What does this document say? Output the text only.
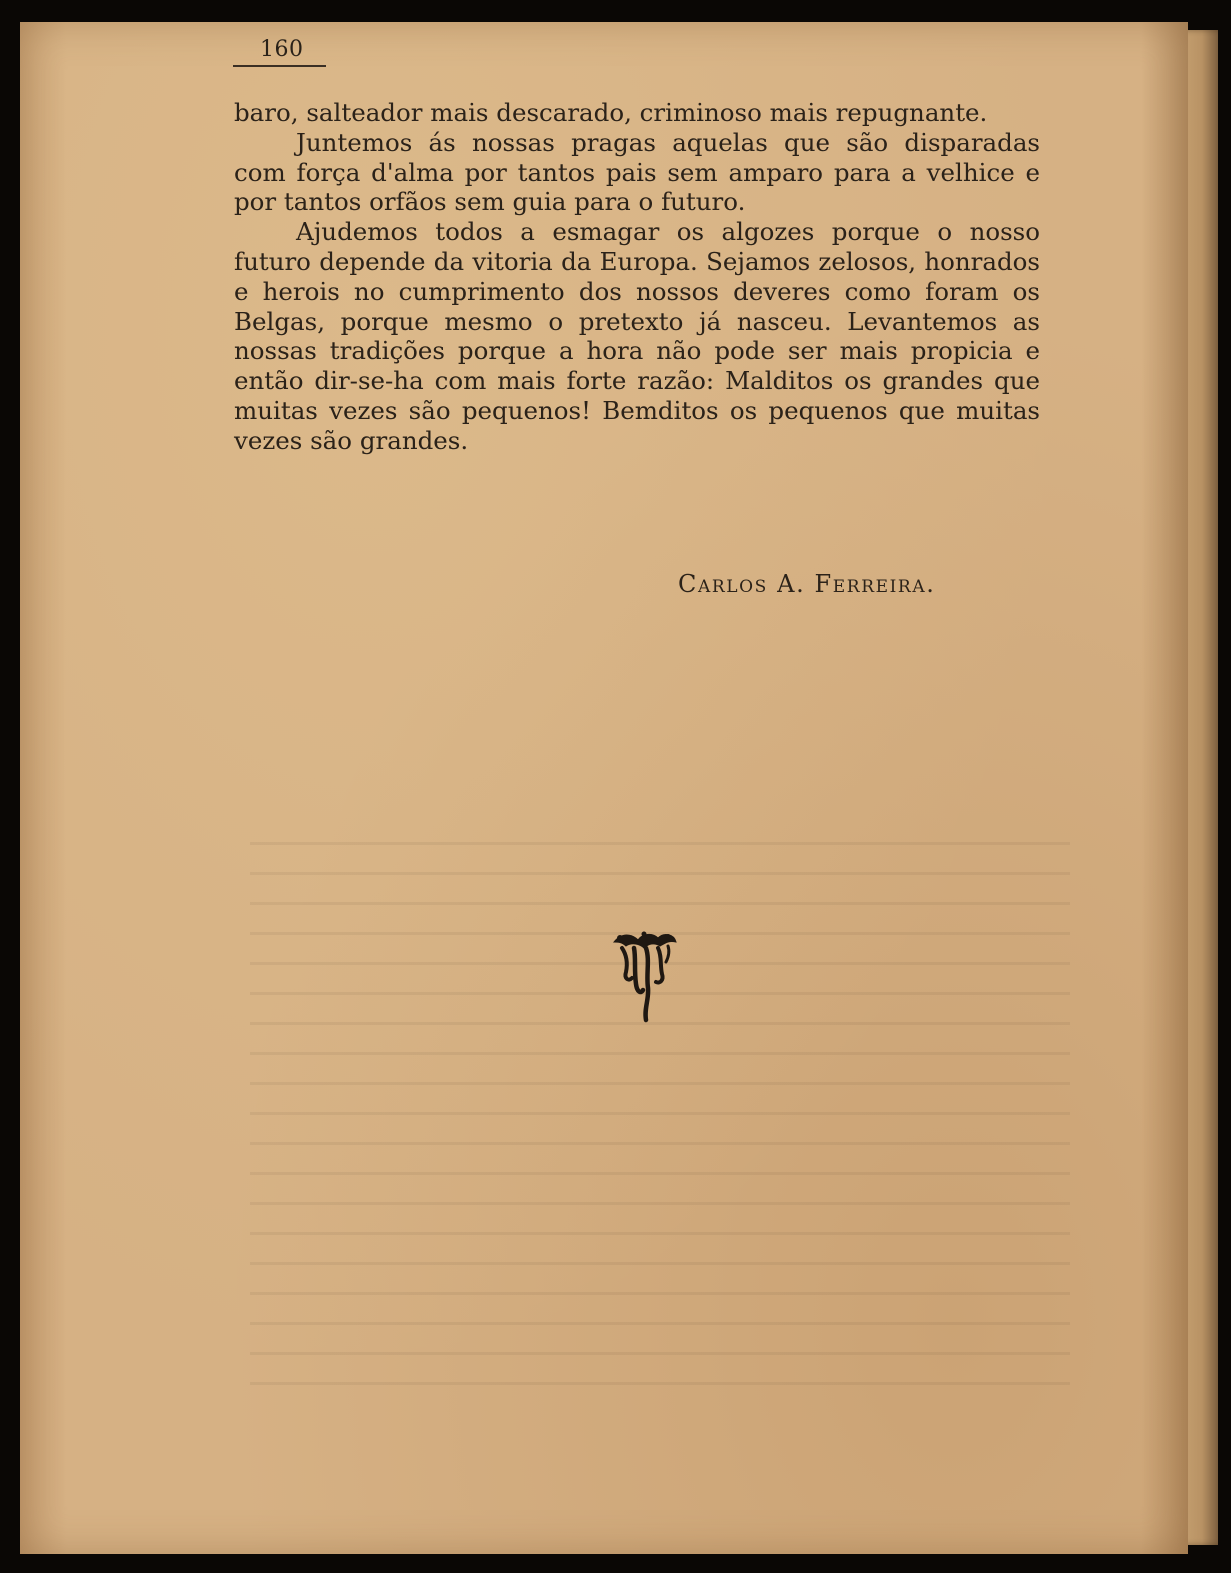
160

baro, salteador mais descarado, criminoso mais repugnante.

Juntemos ás nossas pragas aquelas que são disparadas com força d'alma por tantos pais sem amparo para a velhice e por tantos orfãos sem guia para o futuro.

Ajudemos todos a esmagar os algozes porque o nosso futuro depende da vitoria da Europa. Sejamos zelosos, honrados e herois no cumprimento dos nossos deveres como foram os Belgas, porque mesmo o pretexto já nasceu. Levantemos as nossas tradições porque a hora não pode ser mais propicia e então dir-se-ha com mais forte razão: Malditos os grandes que muitas vezes são pequenos! Bemditos os pequenos que muitas vezes são grandes.

Carlos A. Ferreira.
